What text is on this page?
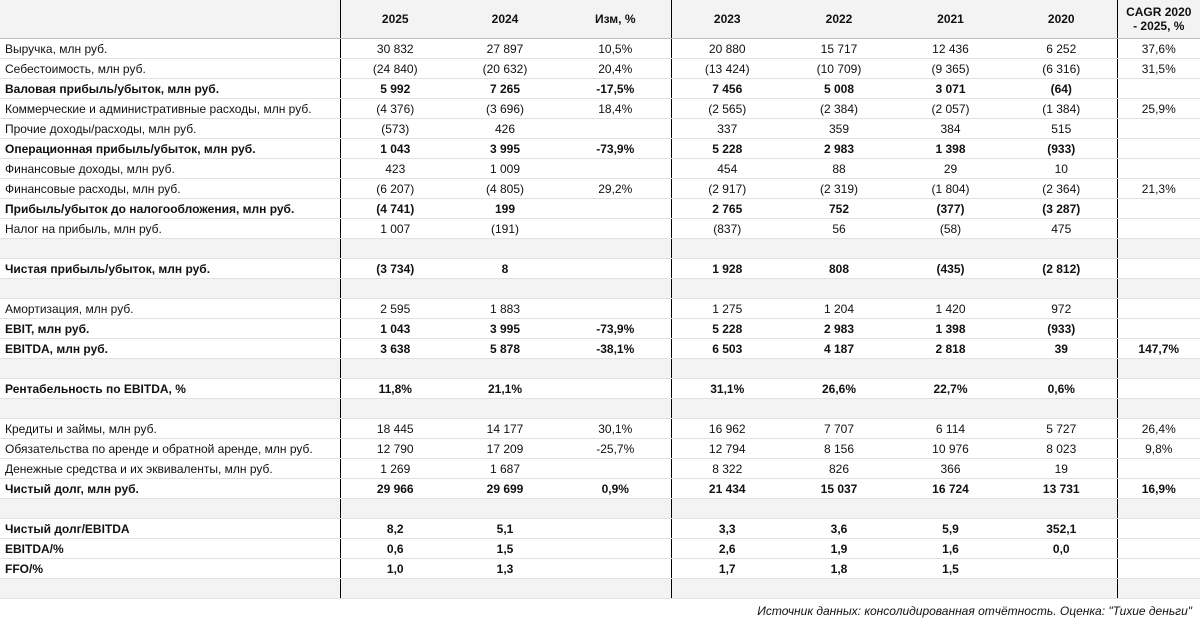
	2025	2024	Изм, %	2023	2022	2021	2020	CAGR 2020 - 2025, %
Выручка, млн руб.	30 832	27 897	10,5%	20 880	15 717	12 436	6 252	37,6%
Себестоимость, млн руб.	(24 840)	(20 632)	20,4%	(13 424)	(10 709)	(9 365)	(6 316)	31,5%
Валовая прибыль/убыток, млн руб.	5 992	7 265	-17,5%	7 456	5 008	3 071	(64)	
Коммерческие и административные расходы, млн руб.	(4 376)	(3 696)	18,4%	(2 565)	(2 384)	(2 057)	(1 384)	25,9%
Прочие доходы/расходы, млн руб.	(573)	426		337	359	384	515	
Операционная прибыль/убыток, млн руб.	1 043	3 995	-73,9%	5 228	2 983	1 398	(933)	
Финансовые доходы, млн руб.	423	1 009		454	88	29	10	
Финансовые расходы, млн руб.	(6 207)	(4 805)	29,2%	(2 917)	(2 319)	(1 804)	(2 364)	21,3%
Прибыль/убыток до налогообложения, млн руб.	(4 741)	199		2 765	752	(377)	(3 287)	
Налог на прибыль, млн руб.	1 007	(191)		(837)	56	(58)	475	

Чистая прибыль/убыток, млн руб.	(3 734)	8		1 928	808	(435)	(2 812)	

Амортизация, млн руб.	2 595	1 883		1 275	1 204	1 420	972	
EBIT, млн руб.	1 043	3 995	-73,9%	5 228	2 983	1 398	(933)	
EBITDA, млн руб.	3 638	5 878	-38,1%	6 503	4 187	2 818	39	147,7%

Рентабельность по EBITDA, %	11,8%	21,1%		31,1%	26,6%	22,7%	0,6%	

Кредиты и займы, млн руб.	18 445	14 177	30,1%	16 962	7 707	6 114	5 727	26,4%
Обязательства по аренде и обратной аренде, млн руб.	12 790	17 209	-25,7%	12 794	8 156	10 976	8 023	9,8%
Денежные средства и их эквиваленты, млн руб.	1 269	1 687		8 322	826	366	19	
Чистый долг, млн руб.	29 966	29 699	0,9%	21 434	15 037	16 724	13 731	16,9%

Чистый долг/EBITDA	8,2	5,1		3,3	3,6	5,9	352,1	
EBITDA/%	0,6	1,5		2,6	1,9	1,6	0,0	
FFO/%	1,0	1,3		1,7	1,8	1,5		

Источник данных: консолидированная отчётность. Оценка: "Тихие деньги"								
